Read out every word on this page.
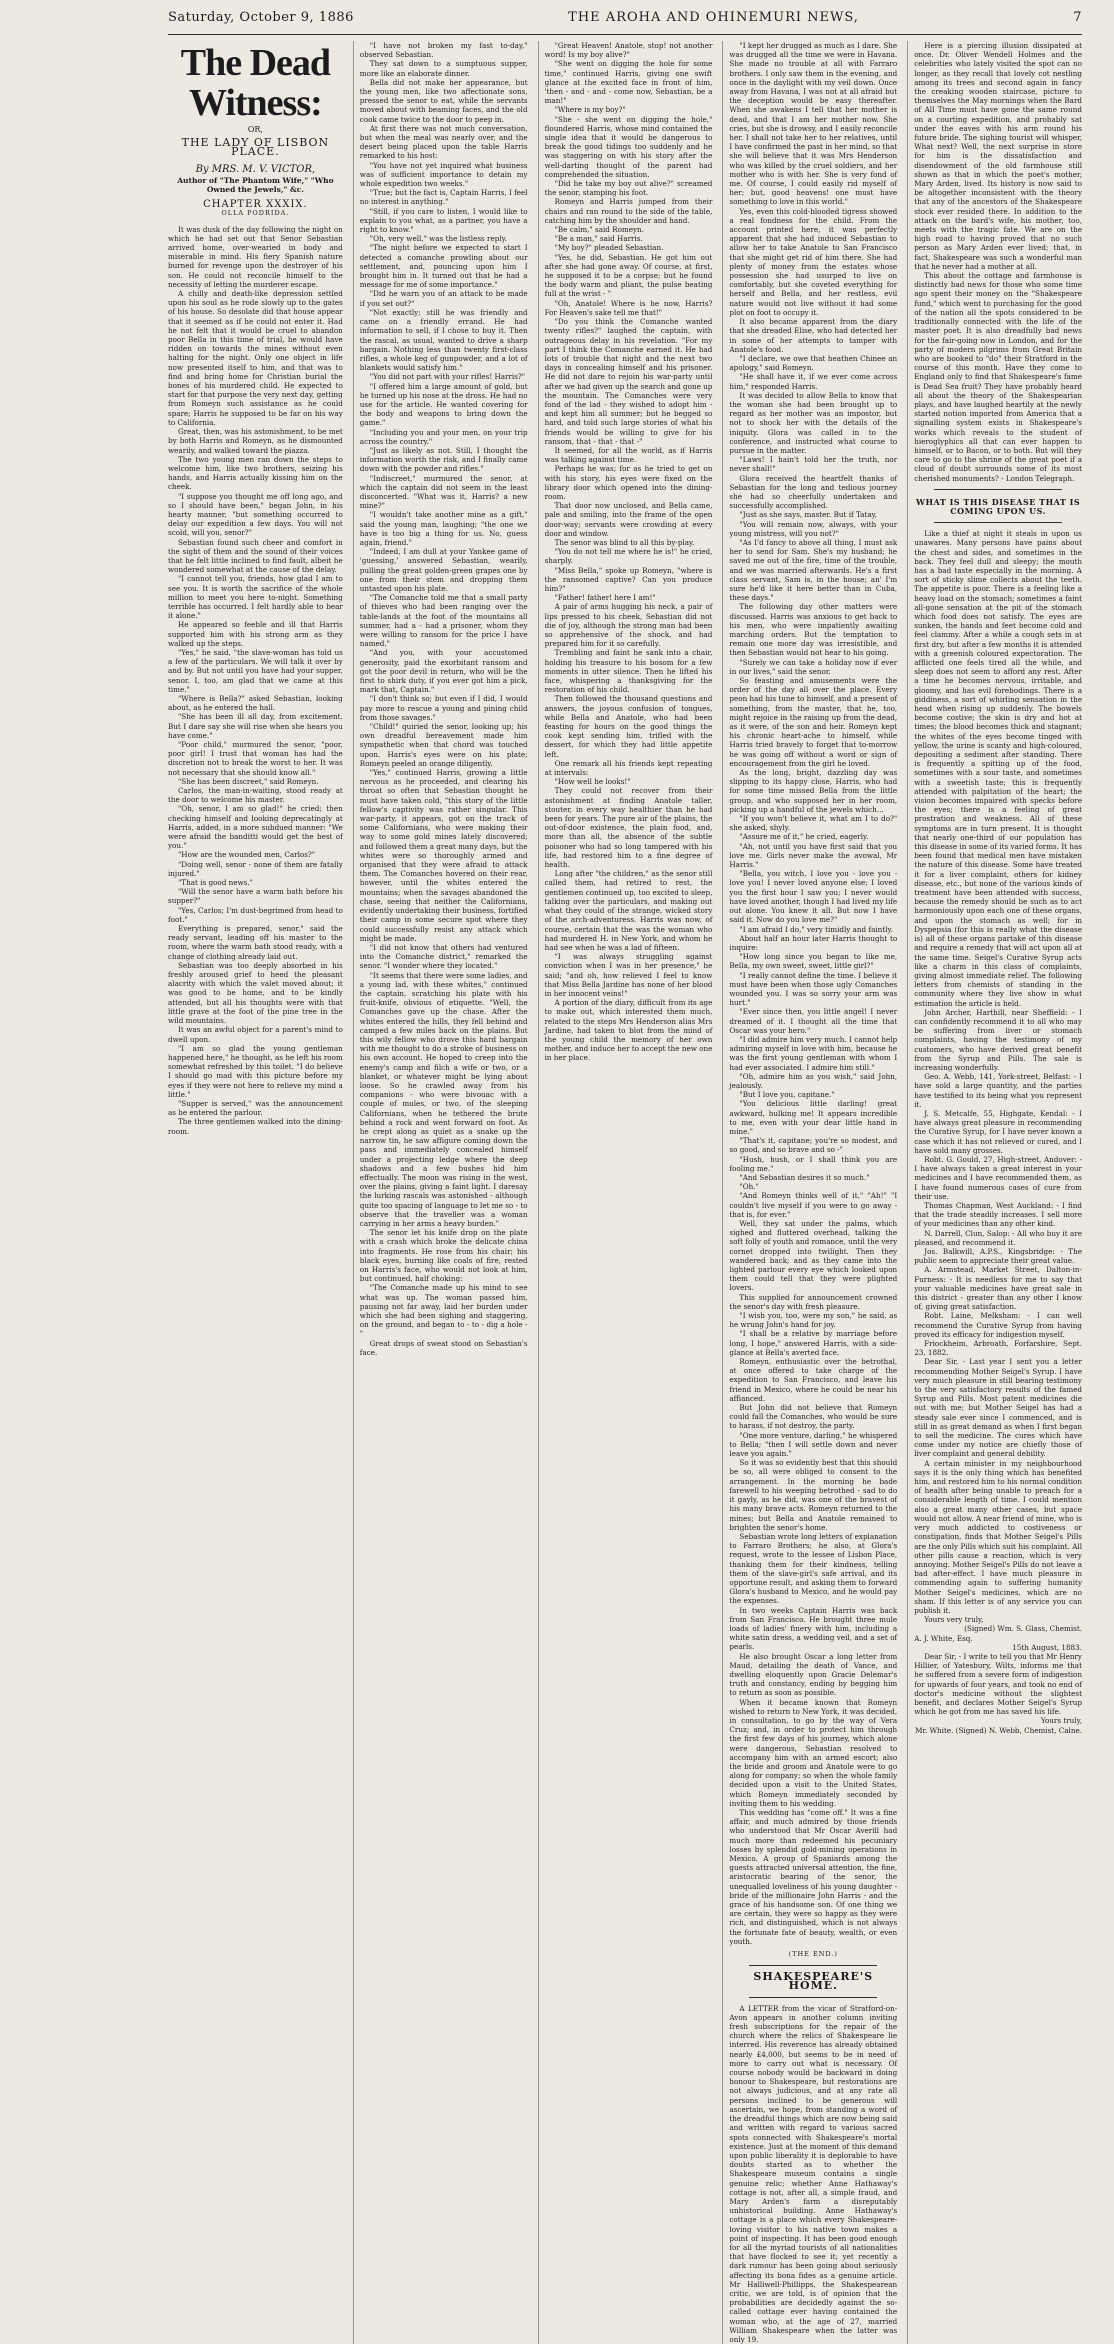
Saturday, October 9, 1886	THE AROHA AND OHINEMURI NEWS,	7
The Dead Witness:
OR,
THE LADY OF LISBON PLACE.
By MRS. M. V. VICTOR,
Author of "The Phantom Wife," "Who Owned the Jewels," &c.
CHAPTER XXXIX.
OLLA PODRIDA.

It was dusk of the day following the night on which he had set out that Senor Sebastian arrived home, over-wearied in body and miserable in mind. His fiery Spanish nature burned for revenge upon the destroyer of his son. He could not reconcile himself to the necessity of letting the murderer escape.

A chilly and death-like depression settled upon his soul as he rode slowly up to the gates of his house. So desolate did that house appear that it seemed as if he could not enter it. Had he not felt that it would be cruel to abandon poor Bella in this time of trial, he would have ridden on towards the mines without even halting for the night. Only one object in life now presented itself to him, and that was to find and bring home for Christian burial the bones of his murdered child. He expected to start for that purpose the very next day, getting from Romeyn such assistance as he could spare; Harris he supposed to be far on his way to California.

Great, then, was his astonishment, to be met by both Harris and Romeyn, as he dismounted wearily, and walked toward the piazza.

The two young men ran down the steps to welcome him, like two brothers, seizing his hands, and Harris actually kissing him on the cheek.

"I suppose you thought me off long ago, and so I should have been," began John, in his hearty manner, "but something occurred to delay our expedition a few days. You will not scold, will you, senor?"

Sebastian found such cheer and comfort in the sight of them and the sound of their voices that he felt little inclined to find fault, albeit he wondered somewhat at the cause of the delay.

"I cannot tell you, friends, how glad I am to see you. It is worth the sacrifice of the whole million to meet you here to-night. Something terrible has occurred. I felt hardly able to bear it alone."

He appeared so feeble and ill that Harris supported him with his strong arm as they walked up the steps.

"Yes," he said, "the slave-woman has told us a few of the particulars. We will talk it over by and by. But not until you have had your supper, senor. I, too, am glad that we came at this time."

"Where is Bella?" asked Sebastian, looking about, as he entered the hall.

"She has been ill all day, from excitement. But I dare say she will rise when she hears you have come."

"Poor child," murmured the senor, "poor, poor girl! I trust that woman has had the discretion not to break the worst to her. It was not necessary that she should know all."

"She has been discreet," said Romeyn.

Carlos, the man-in-waiting, stood ready at the door to welcome his master.

"Oh, senor, I am so glad!" he cried; then checking himself and looking deprecatingly at Harris, added, in a more subdued manner: "We were afraid the banditti would get the best of you."

"How are the wounded men, Carlos?"

"Doing well, senor - none of them are fatally injured."

"That is good news."

"Will the senor have a warm bath before his supper?"

"Yes, Carlos; I'm dust-begrimed from head to foot."

Everything is prepared, senor," said the ready servant, leading off his master to the room, where the warm bath stood ready, with a change of clothing already laid out.

Sebastian was too deeply absorbed in his freshly aroused grief to heed the pleasant alacrity with which the valet moved about; it was good to be home, and to be kindly attended, but all his thoughts were with that little grave at the foot of the pine tree in the wild mountains.

It was an awful object for a parent's mind to dwell upon.

"I am so glad the young gentleman happened here," he thought, as he left his room somewhat refreshed by this toilet. "I do believe I should go mad with this picture before my eyes if they were not here to relieve my mind a little."

"Supper is served," was the announcement as he entered the parlour.

The three gentlemen walked into the dining-room.

"I have not broken my fast to-day," observed Sebastian.

They sat down to a sumptuous supper, more like an elaborate dinner.

Bella did not make her appearance, but the young men, like two affectionate sons, pressed the senor to eat, while the servants moved about with beaming faces, and the old cook came twice to the door to peep in.

At first there was not much conversation, but when the meal was nearly over, and the desert being placed upon the table Harris remarked to his host:

"You have not yet inquired what business was of sufficient importance to detain my whole expedition two weeks."

"True; but the fact is, Captain Harris, I feel no interest in anything."

"Still, if you care to listen, I would like to explain to you what, as a partner, you have a right to know."

"Oh, very well," was the listless reply.

"The night before we expected to start I detected a comanche prowling about our settlement, and, pouncing upon him I brought him in. It turned out that he had a message for me of some importance."

"Did he warn you of an attack to be made if you set out?"

"Not exactly; still he was friendly and came on a friendly errand. He had information to sell, if I chose to buy it. Then the rascal, as usual, wanted to drive a sharp bargain. Nothing less than twenty first-class rifles, a whole keg of gunpowder, and a lot of blankets would satisfy him."

"You did not part with your rifles! Harris?"

"I offered him a large amount of gold, but he turned up his nose at the dross. He had no use for the article. He wanted covering for the body and weapons to bring down the game."

"Including you and your men, on your trip across the country."

"Just as likely as not. Still, I thought the information worth the risk, and I finally came down with the powder and rifles."

"Indiscreet," murmured the senor, at which the captain did not seem in the least disconcerted. "What was it, Harris? a new mine?"

"I wouldn't take another mine as a gift," said the young man, laughing; "the one we have is too big a thing for us. No, guess again, friend."

"Indeed, I am dull at your Yankee game of 'guessing,' answered Sebastian, wearily, pulling the great golden-green grapes one by one from their stem and dropping them untasted upon his plate.

"The Comanche told me that a small party of thieves who had been ranging over the table-lands at the foot of the mountains all summer, had a - had a prisoner, whom they were willing to ransom for the price I have named."

"And you, with your accustomed generosity, paid the exorbitant ransom and got the poor devil in return, who will be the first to shirk duty, if you ever got him a pick, mark that, Captain."

"I don't think so; but even if I did, I would pay more to rescue a young and pining child from those savages."

"Child!" quiried the senor, looking up; his own dreadful bereavement made him sympathetic when that chord was touched upon. Harris's eyes were on his plate; Romeyn peeled an orange diligently.

"Yes," continued Harris, growing a little nervous as he proceeded, and clearing his throat so often that Sebastian thought he must have taken cold, "this story of the little fellow's captivity was rather singular. This war-party, it appears, got on the track of some Californians, who were making their way to some gold mines lately discovered; and followed them a great many days, but the whites were so thoroughly armed and organised that they were afraid to attack them. The Comanches hovered on their rear, however, until the whites entered the mountains; when the savages abandoned the chase, seeing that neither the Californians, evidently undertaking their business, fortified their camp in some secure spot where they could successfully resist any attack which might be made.

"I did not know that others had ventured into the Comanche district," remarked the senor. "I wonder where they located."

"It seems that there were some ladies, and a young lad, with these whites," continued the captain, scratching his plate with his fruit-knife, obvious of etiquette. "Well, the Comanches gave up the chase. After the whites entered the hills, they fell behind and camped a few miles back on the plains. But this wily fellow who drove this hard bargain with me thought to do a stroke of business on his own account. He hoped to creep into the enemy's camp and filch a wife or two, or a blanket, or whatever might be lying about loose. So he crawled away from his companions - who were bivouac with a couple of mules, or two, of the sleeping Californians, when he tethered the brute behind a rock and went forward on foot. As he crept along as quiet as a snake up the narrow tin, he saw affigure coming down the pass and immediately concealed himself under a projecting ledge where the deep shadows and a few bushes hid him effectually. The moon was rising in the west, over the plains, giving a faint light. I daresay the lurking rascals was astonished - although quite too spacing of language to let me so - to observe that the traveller was a woman carrying in her arms a heavy burden."

The senor let his knife drop on the plate with a crash which broke the delicate china into fragments. He rose from his chair; his black eyes, burning like coals of fire, rested on Harris's face, who would not look at him, but continued, half choking:

"The Comanche made up his mind to see what was up. The woman passed him, pausing not far away, laid her burden under which she had been sighing and staggering, on the ground, and began to - to - dig a hole -"

Great drops of sweat stood on Sebastian's face.

"Great Heaven! Anatole, stop! not another word! Is my boy alive?"

"She went on digging the hole for some time," continued Harris, giving one swift glance at the excited face in front of him, 'then - and - and - come now, Sebastian, be a man!"

"Where is my boy?"

"She - she went on digging the hole," floundered Harris, whose mind contained the single idea that it would be dangerous to break the good tidings too suddenly and he was staggering on with his story after the well-darting thought of the parent had comprehended the situation.

"Did he take my boy out alive?" screamed the senor, stamping his foot.

Romeyn and Harris jumped from their chairs and ran round to the side of the table, catching him by the shoulder and hand.

"Be calm," said Romeyn.

"Be a man," said Harris.

"My boy?" pleaded Sebastian.

"Yes, he did, Sebastian. He got him out after she had gone away. Of course, at first, he supposed it to be a corpse; but he found the body warm and pliant, the pulse beating full at the wrist - "

"Oh, Anatole! Where is he now, Harris? For Heaven's sake tell me that!"

"Do you think the Comanche wanted twenty rifles?" laughed the captain, with outrageous delay in his revelation. "For my part I think the Comanche earned it. He had lots of trouble that night and the next two days in concealing himself and his prisoner. He did not dare to rejoin his war-party until after we had given up the search and gone up the mountain. The Comanches were very fond of the lad - they wished to adopt him - and kept him all summer; but he begged so hard, and told such large stories of what his friends would be willing to give for his ransom, that - that - that -"

It seemed, for all the world, as if Harris was talking against time.

Perhaps he was; for as he tried to get on with his story, his eyes were fixed on the library door which opened into the dining-room.

That door now unclosed, and Bella came, pale and smiling, into the frame of the open door-way; servants were crowding at every door and window.

The senor was blind to all this by-play.

"You do not tell me where he is!" he cried, sharply.

"Miss Bella," spoke up Romeyn, "where is the ransomed captive? Can you produce him?"

"Father! father! here I am!"

A pair of arms hugging his neck, a pair of lips pressed to his cheek, Sebastian did not die of joy, although the strong man had been so apprehensive of the shock, and had prepared him for it so carefully.

Trembling and faint he sank into a chair, holding his treasure to his bosom for a few moments in utter silence. Then he lifted his face, whispering a thanksgiving for the restoration of his child.

Then followed the thousand questions and answers, the joyous confusion of tongues, while Bella and Anatole, who had been feasting for hours on the good things the cook kept sending him, trifled with the dessert, for which they had little appetite left.

One remark all his friends kept repeating at intervals:

"How well he looks!"

They could not recover from their astonishment at finding Anatole taller, stouter, in every way healthier than he had been for years. The pure air of the plains, the out-of-door existence, the plain food, and, more than all, the absence of the subtle poisoner who had so long tampered with his life, had restored him to a fine degree of health.

Long after "the children," as the senor still called them, had retired to rest, the gentlemen continued up, too excited to sleep, talking over the particulars, and making out what they could of the strange, wicked story of the arch-adventuress. Harris was now, of course, certain that the was the woman who had murdered H. in New York, and whom he had see when he was a lad of fifteen.

"I was always struggling against conviction when I was in her presence," he said; "and oh, how relieved I feel to know that Miss Bella Jardine has none of her blood in her innocent veins!"

A portion of the diary, difficult from its age to make out, which interested them much, related to the steps Mrs Henderson alias Mrs Jardine, had taken to blot from the mind of the young child the memory of her own mother, and induce her to accept the new one in her place.

"I kept her drugged as much as I dare. She was drugged all the time we were in Havana. She made no trouble at all with Farraro brothers. I only saw them in the evening, and once in the daylight with my veil down. Once away from Havana, I was not at all afraid but the deception would be easy thereafter. When she awakens I tell that her mother is dead, and that I am her mother now. She cries, but she is drowsy, and I easily reconcile her. I shall not take her to her relatives, until I have confirmed the past in her mind, so that she will believe that it was Mrs Henderson who was killed by the cruel soldiers, and her mother who is with her. She is very fond of me. Of course, I could easily rid myself of her; but, good heavens! one must have something to love in this world."

Yes, even this cold-blooded tigress showed a real fondness for the child. From the account printed here, it was perfectly apparent that she had induced Sebastian to allow her to take Anatole to San Francisco that she might get rid of him there. She had plenty of money from the estates whose possession she had usurped to live on comfortably, but she coveted everything for herself and Bella, and her restless, evil nature would not live without it had some plot on foot to occupy it.

It also became apparent from the diary that she dreaded Elise, who had detected her in some of her attempts to tamper with Anatole's food.

"I declare, we owe that heathen Chinee an apology," said Romeyn.

"He shall have it, if we ever come across him," responded Harris.

It was decided to allow Bella to know that the woman she had been brought up to regard as her mother was an impostor, but not to shock her with the details of the iniquity. Glora was called in to the conference, and instructed what course to pursue in the matter.

"Laws! I hain't told her the truth, nor never shall!"

Glora received the heartfelt thanks of Sebastian for the long and tedious journey she had so cheerfully undertaken and successfully accomplished.

"Just as she says, master. But if Tatay,

"You will remain now, always, with your young mistress, will you not?"

"As I'd fancy to above all thing, I must ask her to send for Sam. She's my husband; he saved me out of the fire, time of the trouble, and we was married afterwards. He's a first class servant, Sam is, in the house; an' I'm sure he'd like it here better than in Cuba, these days."

The following day other matters were discussed. Harris was anxious to get back to his men, who were impatiently awaiting marching orders. But the temptation to remain one more day was irresistible, and then Sebastian would not hear to his going.

"Surely we can take a holiday now if ever in our lives," said the senor.

So feasting and amusements were the order of the day all over the place. Every peon had his tune to himself, and a present of something, from the master, that he, too, might rejoice in the raising up from the dead, as it were, of the son and heir. Romeyn kept his chronic heart-ache to himself, while Harris tried bravely to forget that to-morrow he was going off without a word or sign of encouragement from the girl he loved.

As the long, bright, dazzling day was slipping to its happy close, Harris, who had for some time missed Bella from the little group, and who supposed her in her room, picking up a handful of the jewels which...

"If you won't believe it, what am I to do?" she asked, shyly.

"Assure me of it," he cried, eagerly.

"Ah, not until you have first said that you love me. Girls never make the avowal, Mr Harris."

"Bella, you witch, I love you - love you - love you! I never loved anyone else; I loved you the first hour I saw you; I never would have loved another, though I had lived my life out alone. You knew it all. But now I have said it. Now do you love me?"

"I am afraid I do," very timidly and faintly.

About half an hour later Harris thought to inquire:

"How long since you began to like me, Bella, my own sweet, sweet, little girl?"

"I really cannot define the time. I believe it must have been when those ugly Comanches wounded you. I was so sorry your arm was hurt."

"Ever since then, you little angel! I never dreamed of it. I thought all the time that Oscar was your hero."

"I did admire him very much. I cannot help admiring myself in love with him, because he was the first young gentleman with whom I had ever associated. I admire him still."

"Oh, admire him as you wish," said John, jealously.

"But I love you, capitane."

"You delicious little darling! great awkward, hulking me! It appears incredible to me, even with your dear little hand in mine."

"That's it, capitane; you're so modest, and so good, and so brave and so -"

"Hush, hush, or I shall think you are fooling me."

"And Sebastian desires it so much."

"Oh."

"And Romeyn thinks well of it." "Ah!" "I couldn't live myself if you were to go away - that is, for ever."

Well, they sat under the palms, which sighed and fluttered overhead, talking the soft folly of youth and romance, until the very cornet dropped into twilight. Then they wandered back; and as they came into the lighted parlour every eye which looked upon them could tell that they were plighted lovers.

This supplied for announcement crowned the senor's day with fresh pleasure.

"I wish you, too, were my son," he said, as he wrung John's hand for joy.

"I shall be a relative by marriage before long, I hope," answered Harris, with a side-glance at Bella's averted face.

Romeyn, enthusiastic over the betrothal, at once offered to take charge of the expedition to San Francisco, and leave his friend in Mexico, where he could be near his affianced.

But John did not believe that Romeyn could fall the Comanches, who would be sure to harass, if not destroy, the party.

"One more venture, darling," he whispered to Bella; "then I will settle down and never leave you again."

So it was so evidently best that this should be so, all were obliged to consent to the arrangement. In the morning he bade farewell to his weeping betrothed - sad to do it gayly, as he did, was one of the bravest of his many brave acts. Romeyn returned to the mines; but Bella and Anatole remained to brighten the senor's home.

Sebastian wrote long letters of explanation to Farraro Brothers; he also, at Glora's request, wrote to the lessee of Lisbon Place, thanking them for their kindness, telling them of the slave-girl's safe arrival, and its opportune result, and asking them to forward Glora's husband to Mexico, and he would pay the expenses.

In two weeks Captain Harris was back from San Francisco. He brought three mule loads of ladies' finery with him, including a white satin dress, a wedding veil, and a set of pearls.

He also brought Oscar a long letter from Maud, detailing the death of Vance, and dwelling eloquently upon Gracie Delemar's truth and constancy, ending by begging him to return as soon as possible.

When it became known that Romeyn wished to return to New York, it was decided, in consultation, to go by the way of Vera Cruz; and, in order to protect him through the first few days of his journey, which alone were dangerous, Sebastian resolved to accompany him with an armed escort; also the bride and groom and Anatole were to go along for company; so when the whole family decided upon a visit to the United States, which Romeyn immediately seconded by inviting them to his wedding.

This wedding has "come off." It was a fine affair, and much admired by those friends who understood that Mr Oscar Averill had much more than redeemed his pecuniary losses by splendid gold-mining operations in Mexico. A group of Spaniards among the guests attracted universal attention, the fine, aristocratic bearing of the senor, the unequalled loveliness of his young daughter - bride of the millionaire John Harris - and the grace of his handsome son. Of one thing we are certain, they were so happy as they were rich, and distinguished, which is not always the fortunate fate of beauty, wealth, or even youth.

(THE END.)
SHAKESPEARE'S HOME.

A LETTER from the vicar of Stratford-on-Avon appears in another column inviting fresh subscriptions for the repair of the church where the relics of Shakespeare lie interred. His reverence has already obtained nearly £4,000, but seems to be in need of more to carry out what is necessary. Of course nobody would be backward in doing honour to Shakespeare, but restorations are not always judicious, and at any rate all persons inclined to be generous will ascertain, we hope, from standing a word of the dreadful things which are now being said and written with regard to various sacred spots connected with Shakespeare's mortal existence. Just at the moment of this demand upon public liberality it is deplorable to have doubts started as to whether the Shakespeare museum contains a single genuine relic; whether Anne Hathaway's cottage is not, after all, a simple fraud, and Mary Arden's farm a disreputably unhistorical building. Anne Hathaway's cottage is a place which every Shakespeare-loving visitor to his native town makes a point of inspecting. It has been good enough for all the myriad tourists of all nationalities that have flocked to see it; yet recently a dark rumour has been going about seriously affecting its bona fides as a genuine article. Mr Halliwell-Phillipps, the Shakespearean critic, we are told, is of opinion that the probabilities are decidedly against the so-called cottage ever having contained the woman who, at the age of 27, married William Shakespeare when the latter was only 19.

Here is a piercing illusion dissipated at once. Dr. Oliver Wendell Holmes and the celebrities who lately visited the spot can no longer, as they recall that lovely cot nestling among its trees and second again in fancy the creaking wooden staircase, picture to themselves the May mornings when the Bard of All Time must have gone the same round on a courting expedition, and probably sat under the eaves with his arm round his future bride. The sighing tourist will whisper, What next? Well, the next surprise in store for him is the dissatisfaction and disendowment of the old farmhouse still shown as that in which the poet's mother, Mary Arden, lived. Its history is now said to be altogether inconsistent with the theory that any of the ancestors of the Shakespeare stock ever resided there. In addition to the attack on the bard's wife, his mother, too, meets with the tragic fate. We are on the high road to having proved that no such person as Mary Arden ever lived; that, in fact, Shakespeare was such a wonderful man that he never had a mother at all.

This about the cottage and farmhouse is distinctly bad news for those who some time ago spent their money on the "Shakespeare fund," which went to purchasing for the good of the nation all the spots considered to be traditionally connected with the life of the master poet. It is also dreadfully bad news for the fair-going now in London, and for the party of modern pilgrims from Great Britain who are booked to "do" their Stratford in the course of this month. Have they come to England only to find that Shakespeare's fame is Dead Sea fruit? They have probably heard all about the theory of the Shakespearian plays, and have laughed heartily at the newly started notion imported from America that a signalling system exists in Shakespeare's works which reveals to the student of hieroglyphics all that can ever happen to himself, or to Bacon, or to both. But will they care to go to the shrine of the great poet if a cloud of doubt surrounds some of its most cherished monuments? - London Telegraph.

WHAT IS THIS DISEASE THAT IS COMING UPON US.

Like a thief at night it steals in upon us unawares. Many persons have pains about the chest and sides, and sometimes in the back. They feel dull and sleepy; the mouth has a bad taste especially in the morning. A sort of sticky slime collects about the teeth. The appetite is poor. There is a feeling like a heavy load on the stomach; sometimes a faint all-gone sensation at the pit of the stomach which food does not satisfy. The eyes are sunken, the hands and feet become cold and feel clammy. After a while a cough sets in at first dry, but after a few months it is attended with a greenish coloured expectoration. The afflicted one feels tired all the while, and sleep does not seem to afford any rest. After a time he becomes nervous, irritable, and gloomy, and has evil forebodings. There is a giddiness, a sort of whirling sensation in the head when rising up suddenly. The bowels become costive; the skin is dry and hot at times; the blood becomes thick and stagnant; the whites of the eyes become tinged with yellow, the urine is scanty and high-coloured, depositing a sediment after standing. There is frequently a spitting up of the food, sometimes with a sour taste, and sometimes with a sweetish taste; this is frequently attended with palpitation of the heart; the vision becomes impaired with specks before the eyes; there is a feeling of great prostration and weakness. All of these symptoms are in turn present. It is thought that nearly one-third of our population has this disease in some of its varied forms. It has been found that medical men have mistaken the nature of this disease. Some have treated it for a liver complaint, others for kidney disease, etc., but none of the various kinds of treatment have been attended with success, because the remedy should be such as to act harmoniously upon each one of these organs, and upon the stomach as well; for in Dyspepsia (for this is really what the disease is) all of these organs partake of this disease and require a remedy that will act upon all at the same time. Seigel's Curative Syrup acts like a charm in this class of complaints, giving almost immediate relief. The following letters from chemists of standing in the community where they live show in what estimation the article is held.

John Archer, Harthill, near Sheffield: - I can confidently recommend it to all who may be suffering from liver or stomach complaints, having the testimony of my customers, who have derived great benefit from the Syrup and Pills. The sale is increasing wonderfully.

Geo. A. Webb, 141, York-street, Belfast: - I have sold a large quantity, and the parties have testified to its being what you represent it.

J. S. Metcalfe, 55, Highgate, Kendal: - I have always great pleasure in recommending the Curative Syrup, for I have never known a case which it has not relieved or cured, and I have sold many grosses.

Robt. G. Gould, 27, High-street, Andover: - I have always taken a great interest in your medicines and I have recommended them, as I have found numerous cases of cure from their use.

Thomas Chapman, West Auckland: - I find that the trade steadily increases. I sell more of your medicines than any other kind.

N. Darrell, Clun, Salop: - All who buy it are pleased, and recommend it.

Jos. Balkwill, A.P.S., Kingsbridge: - The public seem to appreciate their great value.

A. Armstead, Market Street, Dalton-in-Furness: - It is needless for me to say that your valuable medicines have great sale in this district - greater than any other I know of, giving great satisfaction.

Robt. Laine, Melksham: - I can well recommend the Curative Syrup from having proved its efficacy for indigestion myself.

Friockheim, Arbroath, Forfarshire, Sept. 23, 1882.

Dear Sir, - Last year I sent you a letter recommending Mother Seigel's Syrup. I have very much pleasure in still bearing testimony to the very satisfactory results of the famed Syrup and Pills. Most patent medicines die out with me; but Mother Seigel has had a steady sale ever since I commenced, and is still in as great demand as when I first began to sell the medicine. The cures which have come under my notice are chiefly those of liver complaint and general debility.

A certain minister in my neighbourhood says it is the only thing which has benefited him, and restored him to his normal condition of health after being unable to preach for a considerable length of time. I could mention also a great many other cases, but space would not allow. A near friend of mine, who is very much addicted to costiveness or constipation, finds that Mother Seigel's Pills are the only Pills which suit his complaint. All other pills cause a reaction, which is very annoying. Mother Seigel's Pills do not leave a bad after-effect. I have much pleasure in commending again to suffering humanity Mother Seigel's medicines, which are no sham. If this letter is of any service you can publish it.

Yours very truly,

(Signed) Wm. S. Glass, Chemist.
A. J. White, Esq.
15th August, 1883.

Dear Sir, - I write to tell you that Mr Henry Hillier, of Yatesbury, Wilts, informs me that he suffered from a severe form of indigestion for upwards of four years, and took no end of doctor's medicine without the slightest benefit, and declares Mother Seigel's Syrup which he got from me has saved his life.

Yours truly,
Mr. White. (Signed) N. Webb, Chemist, Calne.
